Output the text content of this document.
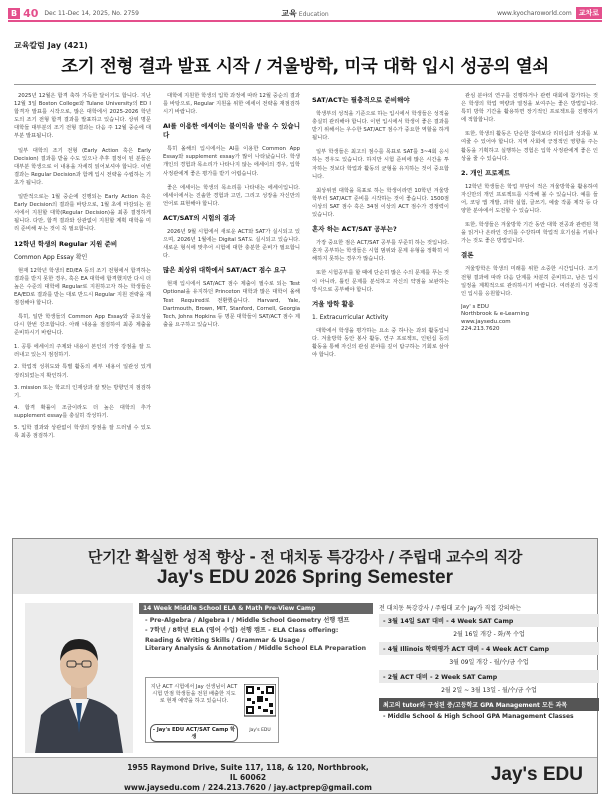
B 40 Dec 11-Dec 14, 2025, No. 2759	교육 Education	www.kyocharoworld.com	교차로
교육칼럼 Jay (421)
조기 전형 결과 발표 시작 / 겨울방학, 미국 대학 입시 성공의 열쇠

2025년 12월은 합격 축하 가득한 달이기도 합니다. 지난 12월 3일 Boston College와 Tulane University의 ED I 합격자 발표를 시작으로, 많은 대학에서 2025-2026 학년도의 조기 전형 합격 결과를 발표하고 있습니다. 상위 명문 대학들 대부분의 조기 전형 결과는 다음 주 12월 중순에 대부분 발표됩니다.

일부 대학의 조기 전형 (Early Action 혹은 Early Decision) 결과를 받을 수도 있으나 추후 결정이 된 분들은 대부분 학생으로 이 내용을 자세히 읽어보셔야 합니다. 이번 결과는 Regular Decision과 함께 입시 전략을 수립하는 기초가 됩니다.

일반적으로는 1월 중순에 진행되는 Early Action 혹은 Early Decision의 결과를 바탕으로, 1월 초에 마감되는 원서에서 지원할 대학(Regular Decision)을 최종 결정하게 됩니다. 다만, 합격 결과와 상관없이 지원할 계획 대학을 미리 준비해 두는 것이 꼭 필요합니다.

12학년 학생의 Regular 지원 준비
Common App Essay 확인

현재 12학년 학생의 ED/EA 등의 조기 전형에서 합격하는 결과를 받지 못한 경우, 혹은 EA 대학에 합격했지만 다시 더 높은 수준의 대학에 Regular로 지원하고자 하는 학생들은 EA/ED로 결과를 받는 대로 반드시 Regular 지원 전략을 재점검해야 합니다.

특히, 일반 학생들의 Common App Essay와 중요성을 다시 한번 강조합니다. 아래 내용을 점검하여 최종 제출을 준비하시기 바랍니다.

1. 공통 에세이의 주제와 내용이 본인의 가장 강점을 잘 드러내고 있는지 점검하기.

2. 학업적 성취도와 특별 활동의 세부 내용이 일관성 있게 정리되었는지 확인하기.

3. mission 또는 학교의 인재상과 잘 맞는 방향인지 점검하기.

4. 합격 확률이 조금이라도 더 높은 대학의 추가 supplement essay를 충실히 작성하기.

5. 입학 결과와 상관없이 학생의 장점을 잘 드러낼 수 있도록 최종 점검하기.

대학에 지원한 학생의 입학 과정에 따라 12월 중순의 결과를 바탕으로, Regular 지원을 위한 에세이 전략을 재점검하시기 바랍니다.

AI를 이용한 에세이는 불이익을 받을 수 있습니다

특히 올해의 입시에서는 AI를 이용한 Common App Essay와 supplement essay가 많이 나타났습니다. 학생 개인의 경험과 목소리가 나타나지 않는 에세이의 경우, 입학 사정관에게 좋은 평가를 받기 어렵습니다.

좋은 에세이는 학생의 목소리를 나타내는 에세이입니다. 에세이에서는 진솔한 경험과 고민, 그리고 성장을 자신만의 언어로 표현해야 합니다.

ACT/SAT의 시험의 결과

2026년 9월 시험에서 새로운 ACT와 SAT가 실시되고 있으며, 2026년 1월에는 Digital SAT도 실시되고 있습니다. 새로운 형식에 맞추어 시험에 대한 충분한 준비가 필요합니다.

많은 최상위 대학에서 SAT/ACT 점수 요구

현재 입시에서 SAT/ACT 점수 제출이 필수로 되는 Test Optional을 유지하던 Princeton 대학과 많은 대학이 올해 Test Required로 전환했습니다. Harvard, Yale, Dartmouth, Brown, MIT, Stanford, Cornell, Georgia Tech, Johns Hopkins 등 명문 대학들이 SAT/ACT 점수 제출을 요구하고 있습니다.

SAT/ACT는 필충적으로 준비해야

학생부의 성적을 기준으로 하는 입시에서 학생들은 성적을 충실히 관리해야 합니다. 이번 입시에서 학생이 좋은 결과를 받기 위해서는 우수한 SAT/ACT 점수가 중요한 역할을 하게 됩니다.

일부 학생들은 최고의 점수를 목표로 SAT를 3~4회 응시하는 경우도 있습니다. 하지만 시험 준비에 많은 시간을 투자하는 것보다 학업과 활동의 균형을 유지하는 것이 중요합니다.

최상위권 대학을 목표로 하는 학생이라면 10학년 겨울방학부터 SAT/ACT 준비를 시작하는 것이 좋습니다. 1500점 이상의 SAT 점수 혹은 34점 이상의 ACT 점수가 경쟁력이 있습니다.

혼자 하는 ACT/SAT 공부는?

가장 중요한 점은 ACT/SAT 공부를 꾸준히 하는 것입니다. 혼자 공부하는 학생들은 시험 범위와 문제 유형을 정확히 이해하지 못하는 경우가 많습니다.

또한 시험공부를 할 때에 단순히 많은 수의 문제를 푸는 것이 아니라, 틀린 문제를 분석하고 자신의 약점을 보완하는 방식으로 공부해야 합니다.

겨울 방학 활용
1. Extracurricular Activity

대학에서 학생을 평가하는 요소 중 하나는 과외 활동입니다. 겨울방학 동안 봉사 활동, 연구 프로젝트, 인턴십 등의 활동을 통해 자신의 관심 분야를 깊이 탐구하는 기회로 삼아야 합니다.

관심 분야의 연구를 진행하거나 관련 대회에 참가하는 것은 학생의 학업 역량과 열정을 보여주는 좋은 방법입니다. 특히 방학 기간을 활용하면 장기적인 프로젝트를 진행하기에 적합합니다.

또한, 학생의 활동은 단순한 참여보다 리더십과 성과를 보여줄 수 있어야 합니다. 지역 사회에 긍정적인 영향을 주는 활동을 기획하고 실행하는 경험은 입학 사정관에게 좋은 인상을 줄 수 있습니다.

2. 개인 프로젝트

12학년 학생들은 학업 부담이 적은 겨울방학을 활용하여 자신만의 개인 프로젝트를 시작해 볼 수 있습니다. 예를 들어, 코딩 앱 개발, 과학 실험, 글쓰기, 예술 작품 제작 등 다양한 분야에서 도전할 수 있습니다.

또한, 학생들은 겨울방학 기간 동안 대학 전공과 관련된 책을 읽거나 온라인 강의를 수강하며 학업적 호기심을 키워나가는 것도 좋은 방법입니다.

결론

겨울방학은 학생의 미래를 위한 소중한 시간입니다. 조기 전형 결과에 따라 다음 단계를 차분히 준비하고, 남은 입시 일정을 계획적으로 관리하시기 바랍니다. 여러분의 성공적인 입시를 응원합니다.

Jay' s EDU
Northbrook & e-Learning
www.jaysedu.com
224.213.7620
단기간 확실한 성적 향상 - 전 대치동 특강강사 / 주립대 교수의 직강
Jay's EDU 2026 Spring Semester
14 Week Middle School ELA & Math Pre-View Camp
- Pre-Algebra / Algebra I / Middle School Geometry 선행 캠프
- 7학년 / 8학년 ELA (영어 수업) 선행 캠프 - ELA Class offering:
Reading & Writing Skills / Grammar & Usage /
Literary Analysis & Annotation / Middle School ELA Preparation
지난 ACT 시험에서 Jay 선생님이 ACT 시험 만점 학생들을 전원 배출한 지도로 현재 예약을 하고 있습니다.
- Jay's EDU ACT/SAT Camp 학생
Jay's EDU
전 대치동 특강강사 / 주립대 교수 Jay가 직접 강의하는
- 3월 14일 SAT 대비 - 4 Week SAT Camp
2월 16일 개강 - 화/목 수업
- 4월 Illinois 학력평가 ACT 대비 - 4 Week ACT Camp
3월 09일 개강 - 월/수/금 수업
- 2월 ACT 대비 - 2 Week SAT Camp
2월 2일 ~ 3월 13일 - 월/수/금 수업
최고의 tutor와 구성된 중/고등학교 GPA Management 모든 과목
- Middle School & High School GPA Management Classes
1955 Raymond Drive, Suite 117, 118, & 120, Northbrook, IL 60062
www.jaysedu.com / 224.213.7620 / jay.actprep@gmail.com
Jay's EDU
